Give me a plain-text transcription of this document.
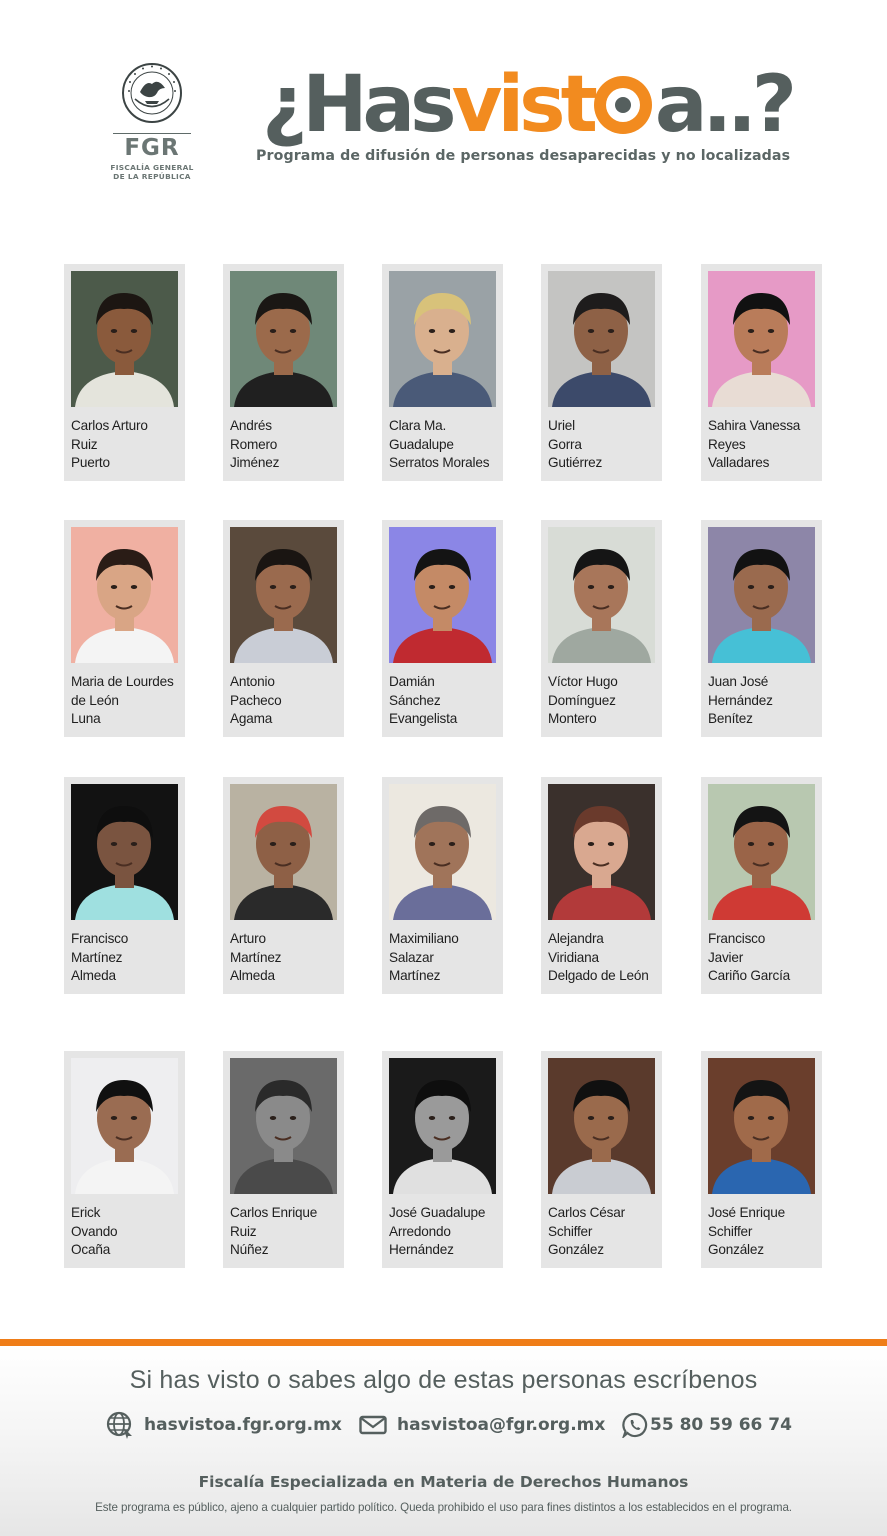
FGR
FISCALÍA GENERAL
DE LA REPÚBLICA
¿Hasvist a..?
Programa de difusión de personas desaparecidas y no localizadas
Carlos Arturo
Ruiz
Puerto
Andrés
Romero
Jiménez
Clara Ma.
Guadalupe
Serratos Morales
Uriel
Gorra
Gutiérrez
Sahira Vanessa
Reyes
Valladares
Maria de Lourdes
de León
Luna
Antonio
Pacheco
Agama
Damián
Sánchez
Evangelista
Víctor Hugo
Domínguez
Montero
Juan José
Hernández
Benítez
Francisco
Martínez
Almeda
Arturo
Martínez
Almeda
Maximiliano
Salazar
Martínez
Alejandra
Viridiana
Delgado de León
Francisco
Javier
Cariño García
Erick
Ovando
Ocaña
Carlos Enrique
Ruiz
Núñez
José Guadalupe
Arredondo
Hernández
Carlos César
Schiffer
González
José Enrique
Schiffer
González
Si has visto o sabes algo de estas personas escríbenos
hasvistoa.fgr.org.mx	hasvistoa@fgr.org.mx	55 80 59 66 74
Fiscalía Especializada en Materia de Derechos Humanos
Este programa es público, ajeno a cualquier partido político. Queda prohibido el uso para fines distintos a los establecidos en el programa.
